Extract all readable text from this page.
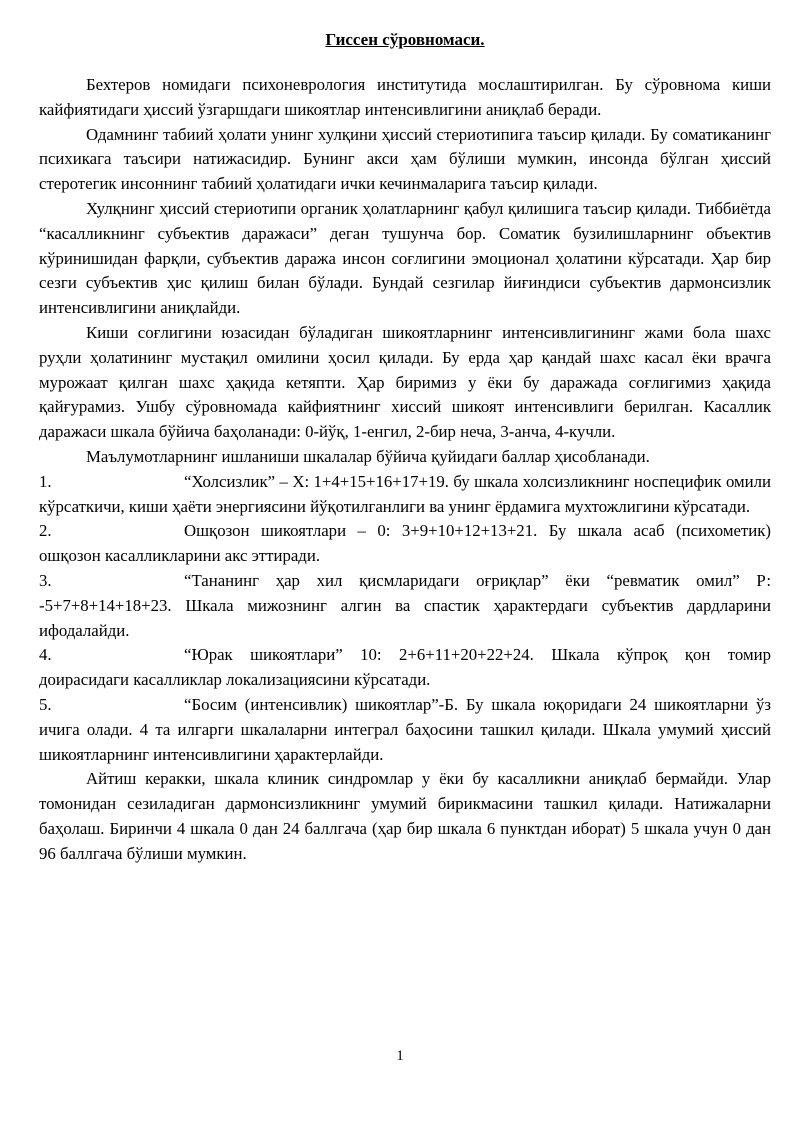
Гиссен сўровномаси.

Бехтеров номидаги психоневрология институтида мослаштирилган. Бу сўровнома киши кайфиятидаги ҳиссий ўзгаршдаги шикоятлар интенсивлигини аниқлаб беради.

Одамнинг табиий ҳолати унинг хулқини ҳиссий стериотипига таъсир қилади. Бу соматиканинг психикага таъсири натижасидир. Бунинг акси ҳам бўлиши мумкин, инсонда бўлган ҳиссий стеротегик инсоннинг табиий ҳолатидаги ички кечинмаларига таъсир қилади.

Хулқнинг ҳиссий стериотипи органик ҳолатларнинг қабул қилишига таъсир қилади. Тиббиётда “касалликнинг субъектив даражаси” деган тушунча бор. Соматик бузилишларнинг объектив кўринишидан фарқли, субъектив даража инсон соғлигини эмоционал ҳолатини кўрсатади. Ҳар бир сезги субъектив ҳис қилиш билан бўлади. Бундай сезгилар йиғиндиси субъектив дармонсизлик интенсивлигини аниқлайди.

Киши соғлигини юзасидан бўладиган шикоятларнинг интенсивлигининг жами бола шахс руҳли ҳолатининг мустақил омилини ҳосил қилади. Бу ерда ҳар қандай шахс касал ёки врачга мурожаат қилган шахс ҳақида кетяпти. Ҳар биримиз у ёки бу даражада соғлигимиз ҳақида қайғурамиз. Ушбу сўровномада кайфиятнинг хиссий шикоят интенсивлиги берилган. Касаллик даражаси шкала бўйича баҳоланади: 0-йўқ, 1-енгил, 2-бир неча, 3-анча, 4-кучли.

Маълумотларнинг ишланиши шкалалар бўйича қуйидаги баллар ҳисобланади.

1.	“Холсизлик” – Х: 1+4+15+16+17+19. бу шкала холсизликнинг носпецифик омили кўрсаткичи, киши ҳаёти энергиясини йўқотилганлиги ва унинг ёрдамига мухтожлигини кўрсатади.

2.	Ошқозон шикоятлари – 0: 3+9+10+12+13+21. Бу шкала асаб (психометик) ошқозон касалликларини акс эттиради.

3.	“Тананинг ҳар хил қисмларидаги оғриқлар” ёки “ревматик омил” Р: -5+7+8+14+18+23. Шкала мижознинг алгин ва спастик ҳарактердаги субъектив дардларини ифодалайди.

4.	“Юрак шикоятлари” 10: 2+6+11+20+22+24. Шкала кўпроқ қон томир доирасидаги касалликлар локализациясини кўрсатади.

5.	“Босим (интенсивлик) шикоятлар”-Б. Бу шкала юқоридаги 24 шикоятларни ўз ичига олади. 4 та илгарги шкалаларни интеграл баҳосини ташкил қилади. Шкала умумий ҳиссий шикоятларнинг интенсивлигини ҳарактерлайди.

Айтиш керакки, шкала клиник синдромлар у ёки бу касалликни аниқлаб бермайди. Улар томонидан сезиладиган дармонсизликнинг умумий бирикмасини ташкил қилади. Натижаларни баҳолаш. Биринчи 4 шкала 0 дан 24 баллгача (ҳар бир шкала 6 пунктдан иборат) 5 шкала учун 0 дан 96 баллгача бўлиши мумкин.

1
